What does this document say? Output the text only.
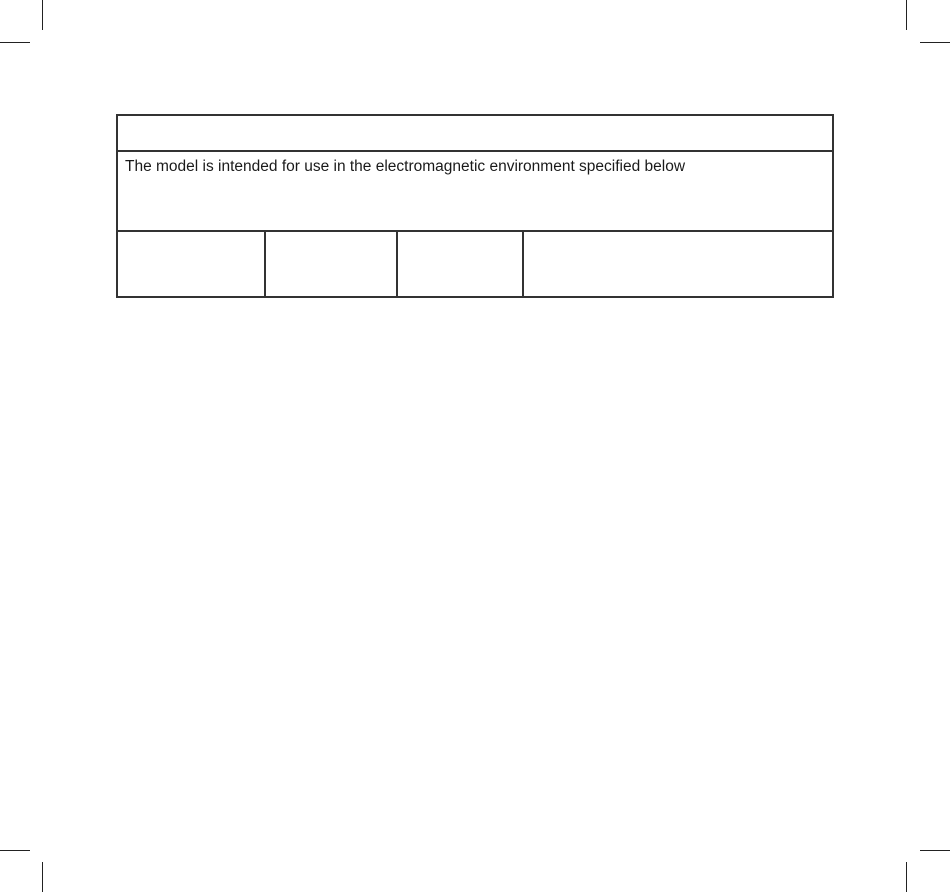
The model is intended for use in the electromagnetic environment specified below
